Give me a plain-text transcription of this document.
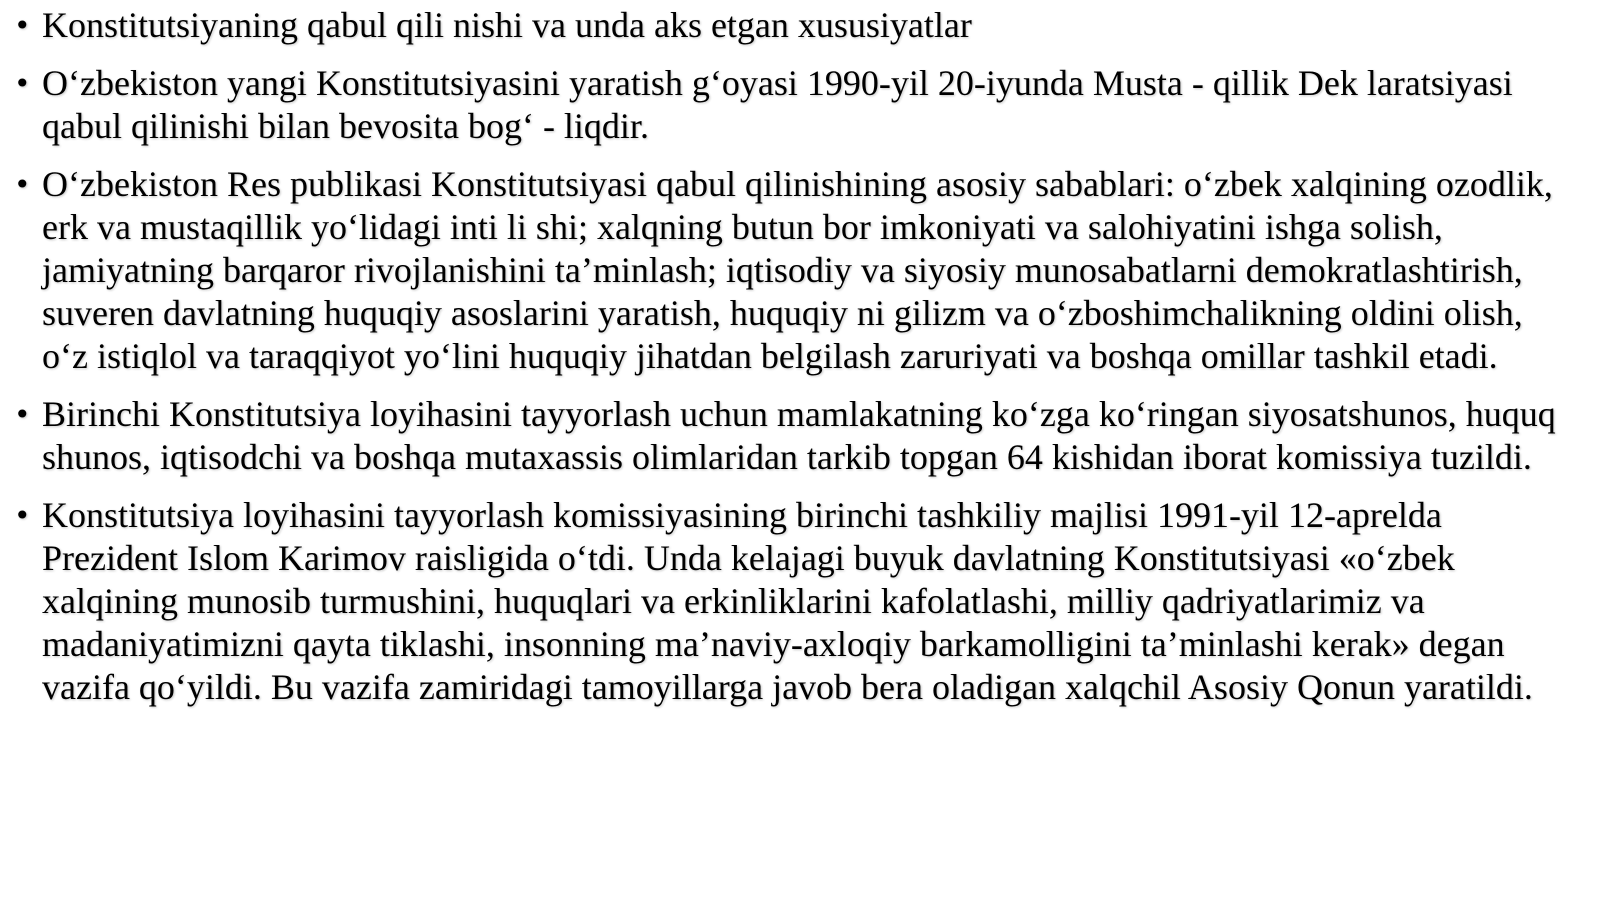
• Konstitutsiyaning qabul qili nishi va unda aks etgan xususiyatlar
• O‘zbekiston yangi Konstitutsiyasini yaratish g‘oyasi 1990-yil 20-iyunda Musta - qillik Dek laratsiyasi qabul qilinishi bilan bevosita bog‘ - liqdir.
• O‘zbekiston Res publikasi Konstitutsiyasi qabul qilinishining asosiy sabablari: o‘zbek xalqining ozodlik, erk va mustaqillik yo‘lidagi inti li shi; xalqning butun bor imkoniyati va salohiyatini ishga solish, jamiyatning barqaror rivojlanishini ta’minlash; iqtisodiy va siyosiy munosabatlarni demokratlashtirish, suveren davlatning huquqiy asoslarini yaratish, huquqiy ni gilizm va o‘zboshimchalikning oldini olish, o‘z istiqlol va taraqqiyot yo‘lini huquqiy jihatdan belgilash zaruriyati va boshqa omillar tashkil etadi.
• Birinchi Konstitutsiya loyihasini tayyorlash uchun mamlakatning ko‘zga ko‘ringan siyosatshunos, huquq shunos, iqtisodchi va boshqa mutaxassis olimlaridan tarkib topgan 64 kishidan iborat komissiya tuzildi.
• Konstitutsiya loyihasini tayyorlash komissiyasining birinchi tashkiliy majlisi 1991-yil 12-aprelda Prezident Islom Karimov raisligida o‘tdi. Unda kelajagi buyuk davlatning Konstitutsiyasi «o‘zbek xalqining munosib turmushini, huquqlari va erkinliklarini kafolatlashi, milliy qadriyatlarimiz va madaniyatimizni qayta tiklashi, insonning ma’naviy-axloqiy barkamolligini ta’minlashi kerak» degan vazifa qo‘yildi. Bu vazifa zamiridagi tamoyillarga javob bera oladigan xalqchil Asosiy Qonun yaratildi.
